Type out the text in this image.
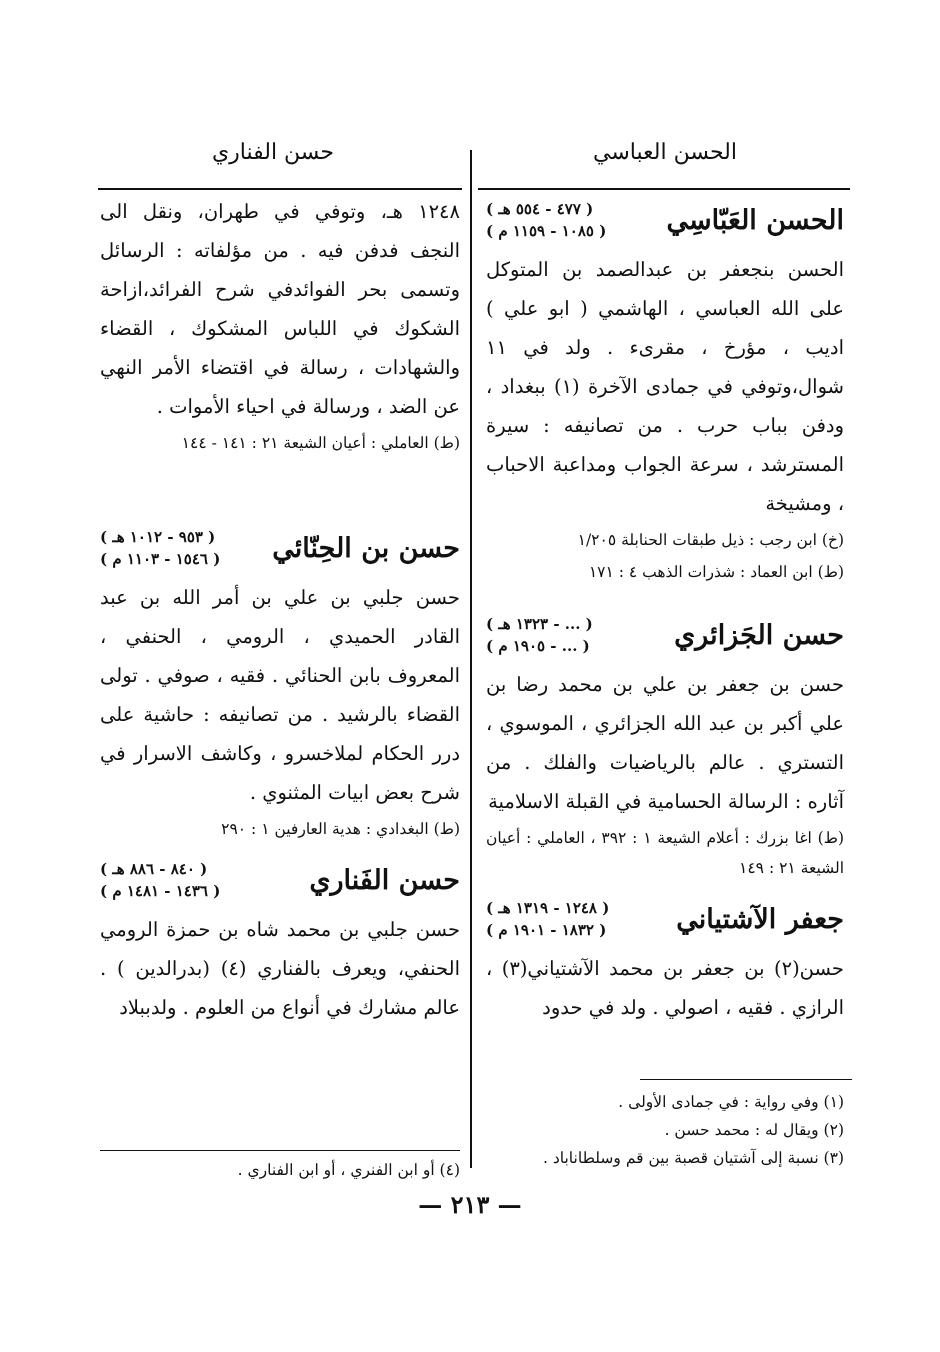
الحسن العباسي
حسن الفناري
الحسن العَبّاسِي
( ٤٧٧ - ٥٥٤ هـ )
( ١٠٨٥ - ١١٥٩ م )

الحسن بنجعفر بن عبدالصمد بن المتوكل على الله العباسي ، الهاشمي ( ابو علي ) اديب ، مؤرخ ، مقرىء . ولد في ١١ شوال،وتوفي في جمادى الآخرة (١) ببغداد ، ودفن بباب حرب . من تصانيفه : سيرة المسترشد ، سرعة الجواب ومداعبة الاحباب ، ومشيخة

(خ) ابن رجب : ذيل طبقات الحنابلة ١/٢٠٥

(ط) ابن العماد : شذرات الذهب ٤ : ١٧١

حسن الجَزائري
( ... - ١٣٢٣ هـ )
( ... - ١٩٠٥ م )

حسن بن جعفر بن علي بن محمد رضا بن علي أكبر بن عبد الله الجزائري ، الموسوي ، التستري . عالم بالرياضيات والفلك . من آثاره : الرسالة الحسامية في القبلة الاسلامية

(ط) اغا بزرك : أعلام الشيعة ١ : ٣٩٢ ، العاملي : أعيان الشيعة ٢١ : ١٤٩

جعفر الآشتياني
( ١٢٤٨ - ١٣١٩ هـ )
( ١٨٣٢ - ١٩٠١ م )

حسن(٢) بن جعفر بن محمد الآشتياني(٣) ، الرازي . فقيه ، اصولي . ولد في حدود

(١) وفي رواية : في جمادى الأولى .
(٢) ويقال له : محمد حسن .
(٣) نسبة إلى آشتيان قصبة بين قم وسلطاناباد .

١٢٤٨ هـ، وتوفي في طهران، ونقل الى النجف فدفن فيه . من مؤلفاته : الرسائل وتسمى بحر الفوائدفي شرح الفرائد،ازاحة الشكوك في اللباس المشكوك ، القضاء والشهادات ، رسالة في اقتضاء الأمر النهي عن الضد ، ورسالة في احياء الأموات .

(ط) العاملي : أعيان الشيعة ٢١ : ١٤١ - ١٤٤

حسن بن الحِنّائي
( ٩٥٣ - ١٠١٢ هـ )
( ١٥٤٦ - ١١٠٣ م )

حسن جلبي بن علي بن أمر الله بن عبد القادر الحميدي ، الرومي ، الحنفي ، المعروف بابن الحنائي . فقيه ، صوفي . تولى القضاء بالرشيد . من تصانيفه : حاشية على درر الحكام لملاخسرو ، وكاشف الاسرار في شرح بعض ابيات المثنوي .

(ط) البغدادي : هدية العارفين ١ : ٢٩٠

حسن الفَناري
( ٨٤٠ - ٨٨٦ هـ )
( ١٤٣٦ - ١٤٨١ م )

حسن جلبي بن محمد شاه بن حمزة الرومي الحنفي، ويعرف بالفناري (٤) (بدرالدين ) . عالم مشارك في أنواع من العلوم . ولدببلاد

(٤) أو ابن الفنري ، أو ابن الفناري .
— ٢١٣ —
